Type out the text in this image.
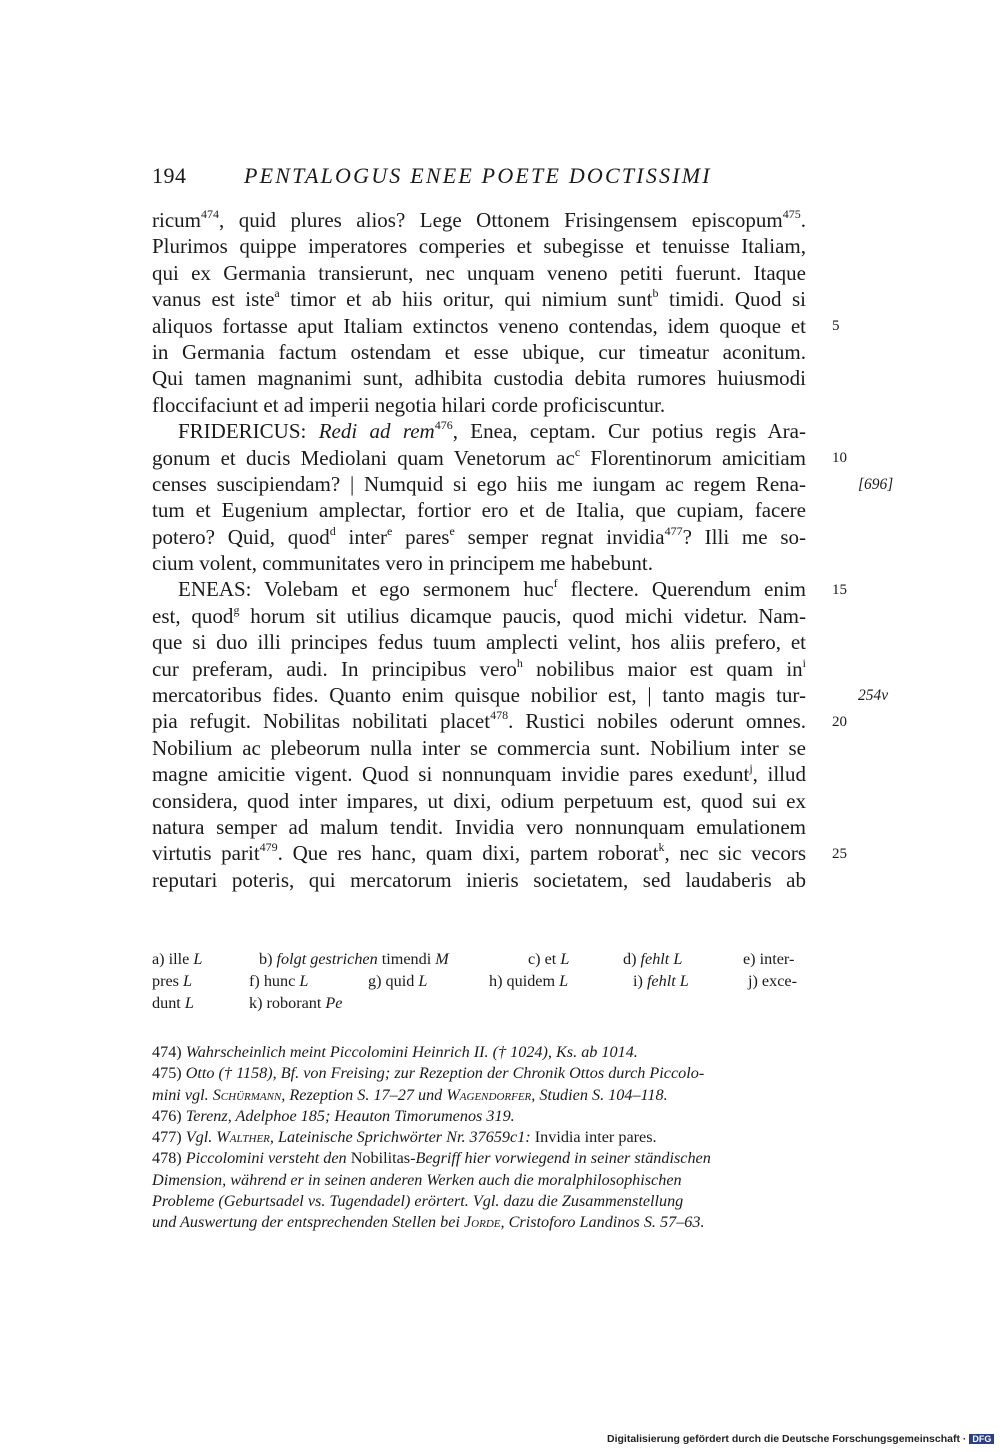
194	PENTALOGUS ENEE POETE DOCTISSIMI
ricum$^{474}$, quid plures alios? Lege Ottonem Frisingensem episcopum$^{475}$.
Plurimos quippe imperatores comperies et subegisse et tenuisse Italiam,
qui ex Germania transierunt, nec unquam veneno petiti fuerunt. Itaque
vanus est iste$^a$ timor et ab hiis oritur, qui nimium sunt$^b$ timidi. Quod si
aliquos fortasse aput Italiam extinctos veneno contendas, idem quoque et
in Germania factum ostendam et esse ubique, cur timeatur aconitum.
Qui tamen magnanimi sunt, adhibita custodia debita rumores huiusmodi
floccifaciunt et ad imperii negotia hilari corde proficiscuntur.
FRIDERICUS: Redi ad rem$^{476}$, Enea, ceptam. Cur potius regis Ara-
gonum et ducis Mediolani quam Venetorum $ac^c$ Florentinorum amicitiam
censes suscipiendam? | Numquid si ego hiis me iungam ac regem Rena-
tum et Eugenium amplectar, fortior ero et de Italia, que cupiam, facere
potero? Quid, quod$^d$ inter$^e$ pares$^e$ semper regnat invidia$^{477}$? Illi me so-
cium volent, communitates vero in principem me habebunt.
ENEAS: Volebam et ego sermonem huc$^f$ flectere. Querendum enim
est, quod$^g$ horum sit utilius dicamque paucis, quod michi videtur. Nam-
que si duo illi principes fedus tuum amplecti velint, hos aliis prefero, et
cur preferam, audi. In principibus vero$^h$ nobilibus maior est quam $in^i$
mercatoribus fides. Quanto enim quisque nobilior est, | tanto magis tur-
pia refugit. Nobilitas nobilitati placet$^{478}$. Rustici nobiles oderunt omnes.
Nobilium ac plebeorum nulla inter se commercia sunt. Nobilium inter se
magne amicitie vigent. Quod si nonnunquam invidie pares exedunt$^j$, illud
considera, quod inter impares, ut dixi, odium perpetuum est, quod sui ex
natura semper ad malum tendit. Invidia vero nonnunquam emulationem
virtutis parit$^{479}$. Que res hanc, quam dixi, partem roborat$^k$, nec sic vecors
reputari poteris, qui mercatorum inieris societatem, sed laudaberis ab
5
10
15
20
25
[696]
254v
a) ille L	b) folgt gestrichen timendi M	c) et L	d) fehlt L	e) inter-
pres L	f) hunc L	g) quid L	h) quidem L	i) fehlt L	j) exce-
dunt L	k) roborant Pe
474) Wahrscheinlich meint Piccolomini Heinrich II. († 1024), Ks. ab 1014.
475) Otto († 1158), Bf. von Freising; zur Rezeption der Chronik Ottos durch Piccolo-
mini vgl. Schürmann, Rezeption S. 17–27 und Wagendorfer, Studien S. 104–118.
476) Terenz, Adelphoe 185; Heauton Timorumenos 319.
477) Vgl. Walther, Lateinische Sprichwörter Nr. 37659c1: Invidia inter pares.
478) Piccolomini versteht den Nobilitas-Begriff hier vorwiegend in seiner ständischen
Dimension, während er in seinen anderen Werken auch die moralphilosophischen
Probleme (Geburtsadel vs. Tugendadel) erörtert. Vgl. dazu die Zusammenstellung
und Auswertung der entsprechenden Stellen bei Jorde, Cristoforo Landinos S. 57–63.
Digitalisierung gefördert durch die Deutsche Forschungsgemeinschaft · DFG
